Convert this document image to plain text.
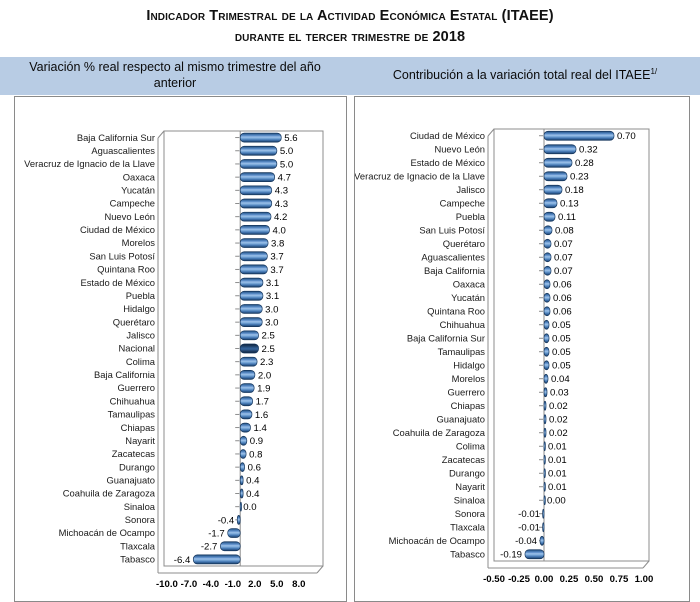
Indicador Trimestral de la Actividad Económica Estatal (ITAEE)
durante el tercer trimestre de 2018
Variación % real respecto al mismo trimestre del año anterior
Contribución a la variación total real del $ITAEE^{1/}$
Baja California Sur	5.6
Aguascalientes	5.0
Veracruz de Ignacio de la Llave	5.0
Oaxaca	4.7
Yucatán	4.3
Campeche	4.3
Nuevo León	4.2
Ciudad de México	4.0
Morelos	3.8
San Luis Potosí	3.7
Quintana Roo	3.7
Estado de México	3.1
Puebla	3.1
Hidalgo	3.0
Querétaro	3.0
Jalisco	2.5
Nacional	2.5
Colima	2.3
Baja California	2.0
Guerrero	1.9
Chihuahua	1.7
Tamaulipas	1.6
Chiapas	1.4
Nayarit	0.9
Zacatecas	0.8
Durango	0.6
Guanajuato	0.4
Coahuila de Zaragoza	0.4
Sinaloa	0.0
Sonora	-0.4
Michoacán de Ocampo	-1.7
Tlaxcala	-2.7
Tabasco -6.4
-10.0 -7.0 -4.0 -1.0 2.0 5.0 8.0
Ciudad de México	0.70
Nuevo León	0.32
Estado de México	0.28
Veracruz de Ignacio de la Llave	0.23
Jalisco	0.18
Campeche	0.13
Puebla	0.11
San Luis Potosí	0.08
Querétaro	0.07
Aguascalientes	0.07
Baja California	0.07
Oaxaca	0.06
Yucatán	0.06
Quintana Roo	0.06
Chihuahua	0.05
Baja California Sur	0.05
Tamaulipas	0.05
Hidalgo	0.05
Morelos	0.04
Guerrero	0.03
Chiapas	0.02
Guanajuato	0.02
Coahuila de Zaragoza	0.02
Colima	0.01
Zacatecas	0.01
Durango	0.01
Nayarit	0.01
Sinaloa	0.00
Sonora	-0.01
Tlaxcala	-0.01
Michoacán de Ocampo	-0.04
Tabasco -0.19
-0.50 -0.25 0.00 0.25 0.50 0.75 1.00
